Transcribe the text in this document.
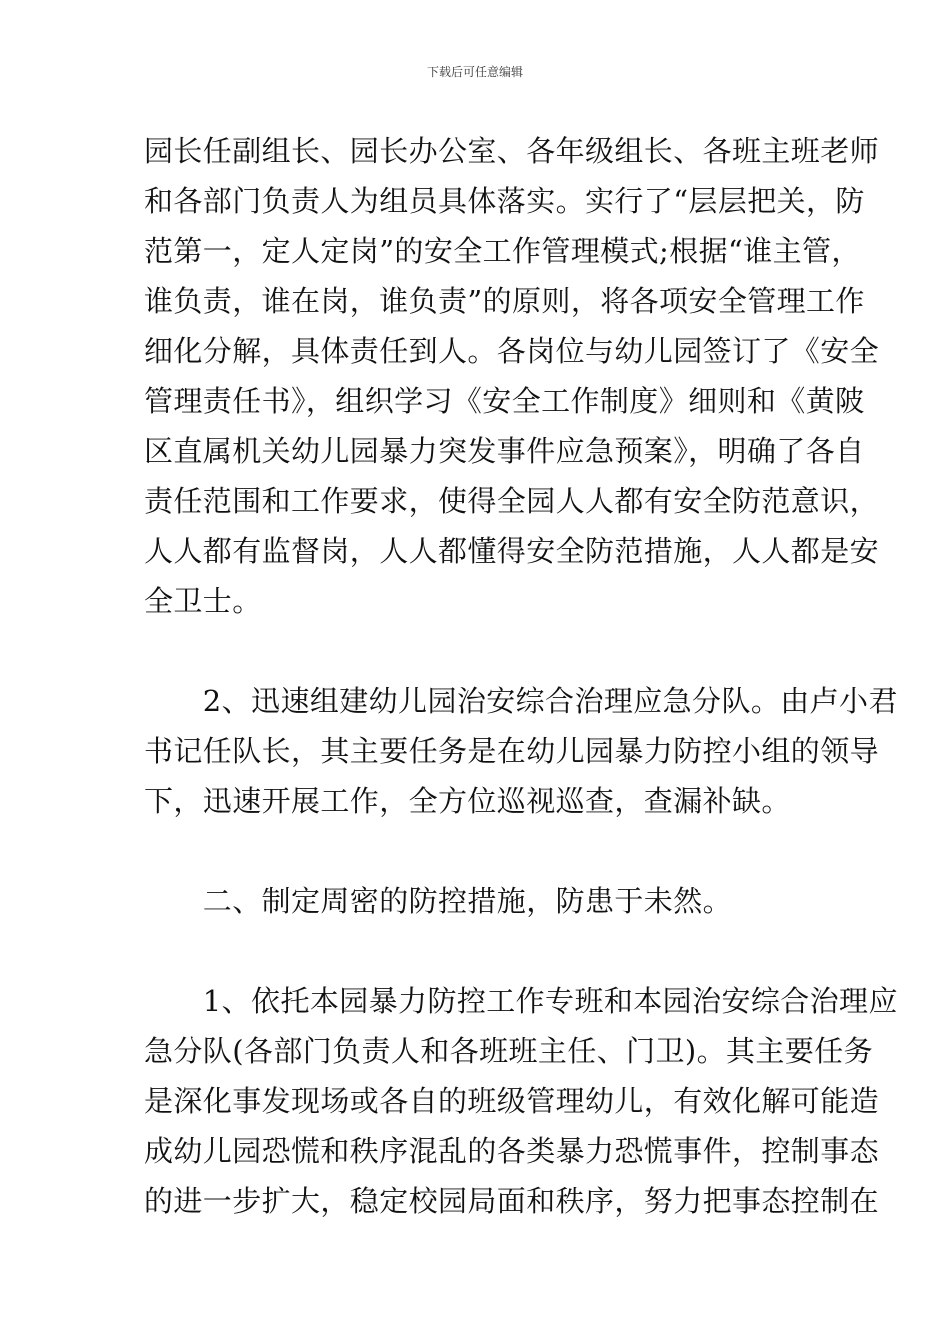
下载后可任意编辑
园长任副组长、园长办公室、各年级组长、各班主班老师
和各部门负责人为组员具体落实。实行了“层层把关，防
范第一，定人定岗”的安全工作管理模式;根据“谁主管，
谁负责，谁在岗，谁负责”的原则，将各项安全管理工作
细化分解，具体责任到人。各岗位与幼儿园签订了《安全
管理责任书》，组织学习《安全工作制度》细则和《黄陂
区直属机关幼儿园暴力突发事件应急预案》，明确了各自
责任范围和工作要求，使得全园人人都有安全防范意识，
人人都有监督岗，人人都懂得安全防范措施，人人都是安
全卫士。
　　2、迅速组建幼儿园治安综合治理应急分队。由卢小君
书记任队长，其主要任务是在幼儿园暴力防控小组的领导
下，迅速开展工作，全方位巡视巡查，查漏补缺。
　　二、制定周密的防控措施，防患于未然。
　　1、依托本园暴力防控工作专班和本园治安综合治理应
急分队(各部门负责人和各班班主任、门卫)。其主要任务
是深化事发现场或各自的班级管理幼儿，有效化解可能造
成幼儿园恐慌和秩序混乱的各类暴力恐慌事件，控制事态
的进一步扩大，稳定校园局面和秩序，努力把事态控制在
